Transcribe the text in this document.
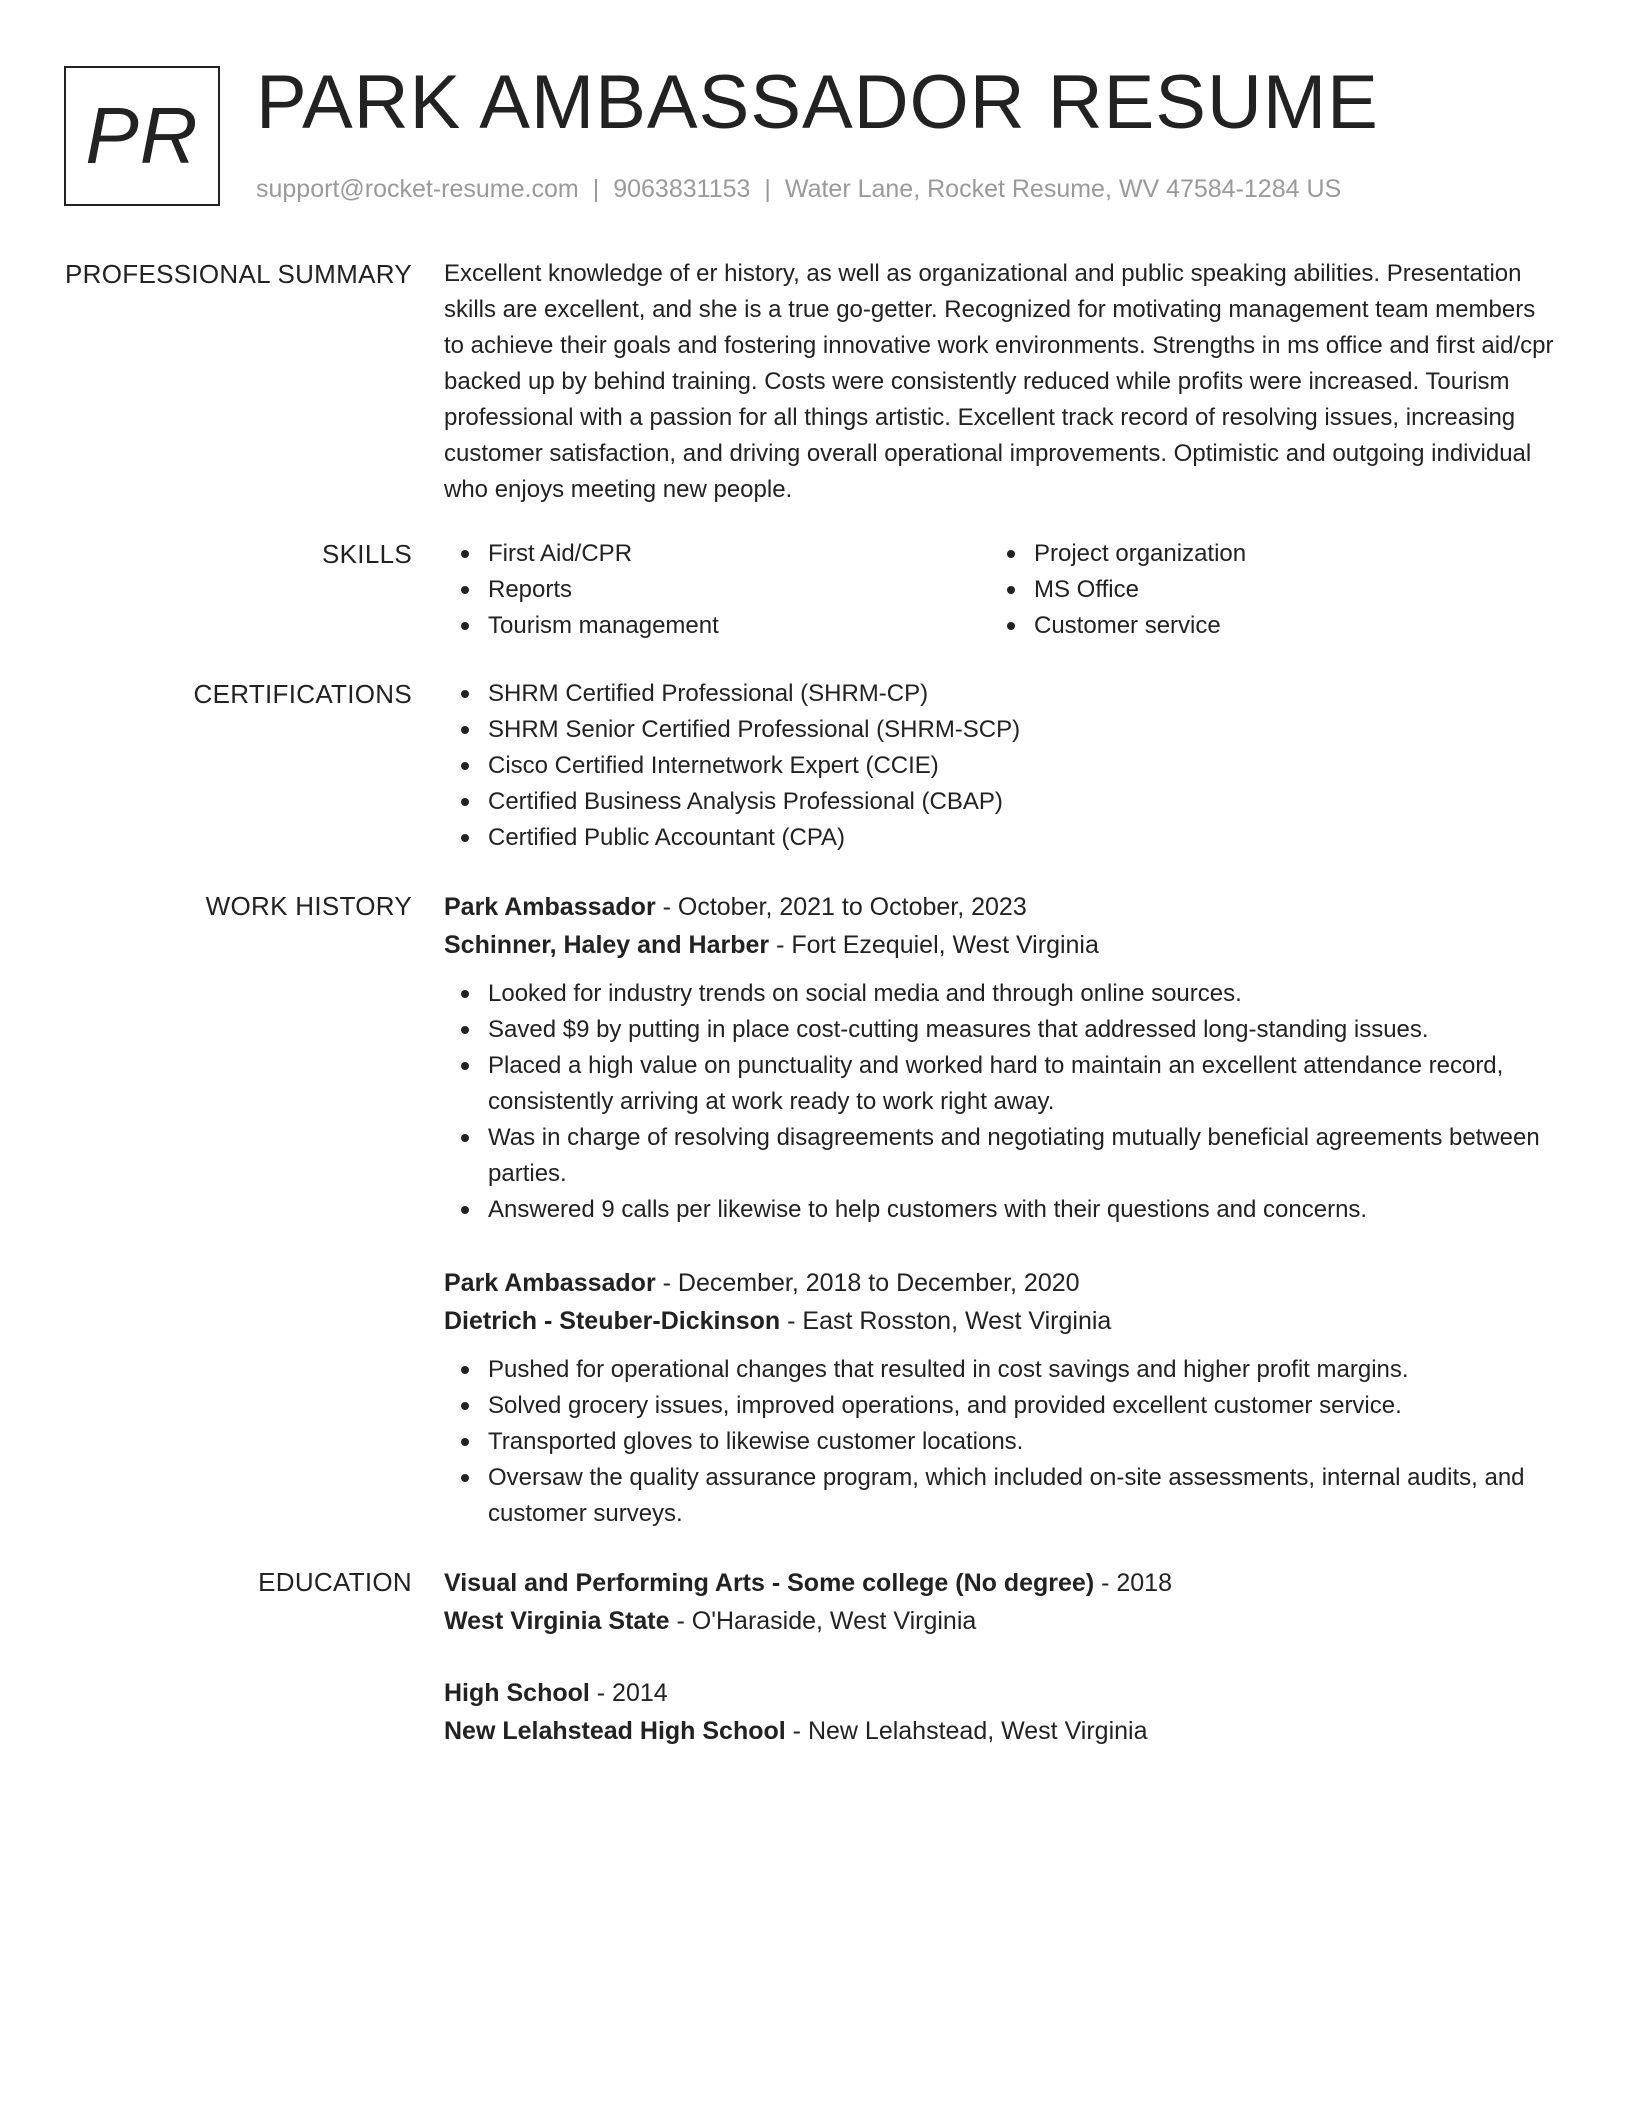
PR PARK AMBASSADOR RESUME
support@rocket-resume.com | 9063831153 | Water Lane, Rocket Resume, WV 47584-1284 US
PROFESSIONAL SUMMARY Excellent knowledge of er history, as well as organizational and public speaking abilities. Presentation skills are excellent, and she is a true go-getter. Recognized for motivating management team members to achieve their goals and fostering innovative work environments. Strengths in ms office and first aid/cpr backed up by behind training. Costs were consistently reduced while profits were increased. Tourism professional with a passion for all things artistic. Excellent track record of resolving issues, increasing customer satisfaction, and driving overall operational improvements. Optimistic and outgoing individual who enjoys meeting new people.

SKILLS	First Aid/CPR
Reports
Tourism management
Project organization
MS Office
Customer service
CERTIFICATIONS	SHRM Certified Professional (SHRM-CP)
SHRM Senior Certified Professional (SHRM-SCP)
Cisco Certified Internetwork Expert (CCIE)
Certified Business Analysis Professional (CBAP)
Certified Public Accountant (CPA)
WORK HISTORY Park Ambassador - October, 2021 to October, 2023
Schinner, Haley and Harber - Fort Ezequiel, West Virginia
Looked for industry trends on social media and through online sources.
Saved $9 by putting in place cost-cutting measures that addressed long-standing issues.
Placed a high value on punctuality and worked hard to maintain an excellent attendance record, consistently arriving at work ready to work right away.
Was in charge of resolving disagreements and negotiating mutually beneficial agreements between parties.
Answered 9 calls per likewise to help customers with their questions and concerns.
Park Ambassador - December, 2018 to December, 2020
Dietrich - Steuber-Dickinson - East Rosston, West Virginia
Pushed for operational changes that resulted in cost savings and higher profit margins.
Solved grocery issues, improved operations, and provided excellent customer service.
Transported gloves to likewise customer locations.
Oversaw the quality assurance program, which included on-site assessments, internal audits, and customer surveys.
EDUCATION Visual and Performing Arts - Some college (No degree) - 2018
West Virginia State - O'Haraside, West Virginia
High School - 2014
New Lelahstead High School - New Lelahstead, West Virginia
